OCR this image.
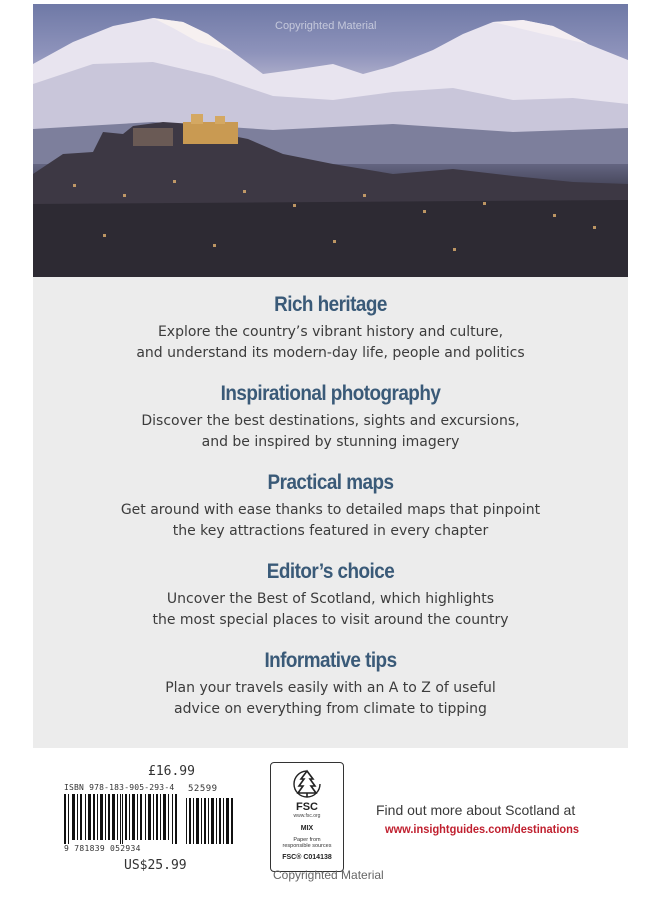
Copyrighted Material
Rich heritage
Explore the country’s vibrant history and culture,
and understand its modern-day life, people and politics
Inspirational photography
Discover the best destinations, sights and excursions,
and be inspired by stunning imagery
Practical maps
Get around with ease thanks to detailed maps that pinpoint
the key attractions featured in every chapter
Editor’s choice
Uncover the Best of Scotland, which highlights
the most special places to visit around the country
Informative tips
Plan your travels easily with an A to Z of useful
advice on everything from climate to tipping
£16.99
ISBN 978-183-905-293-4 52599
9 781839 052934
US$25.99
FSC
www.fsc.org
MIX
Paper from
responsible sources
FSC® C014138
Copyrighted Material
Find out more about Scotland at
www.insightguides.com/destinations
